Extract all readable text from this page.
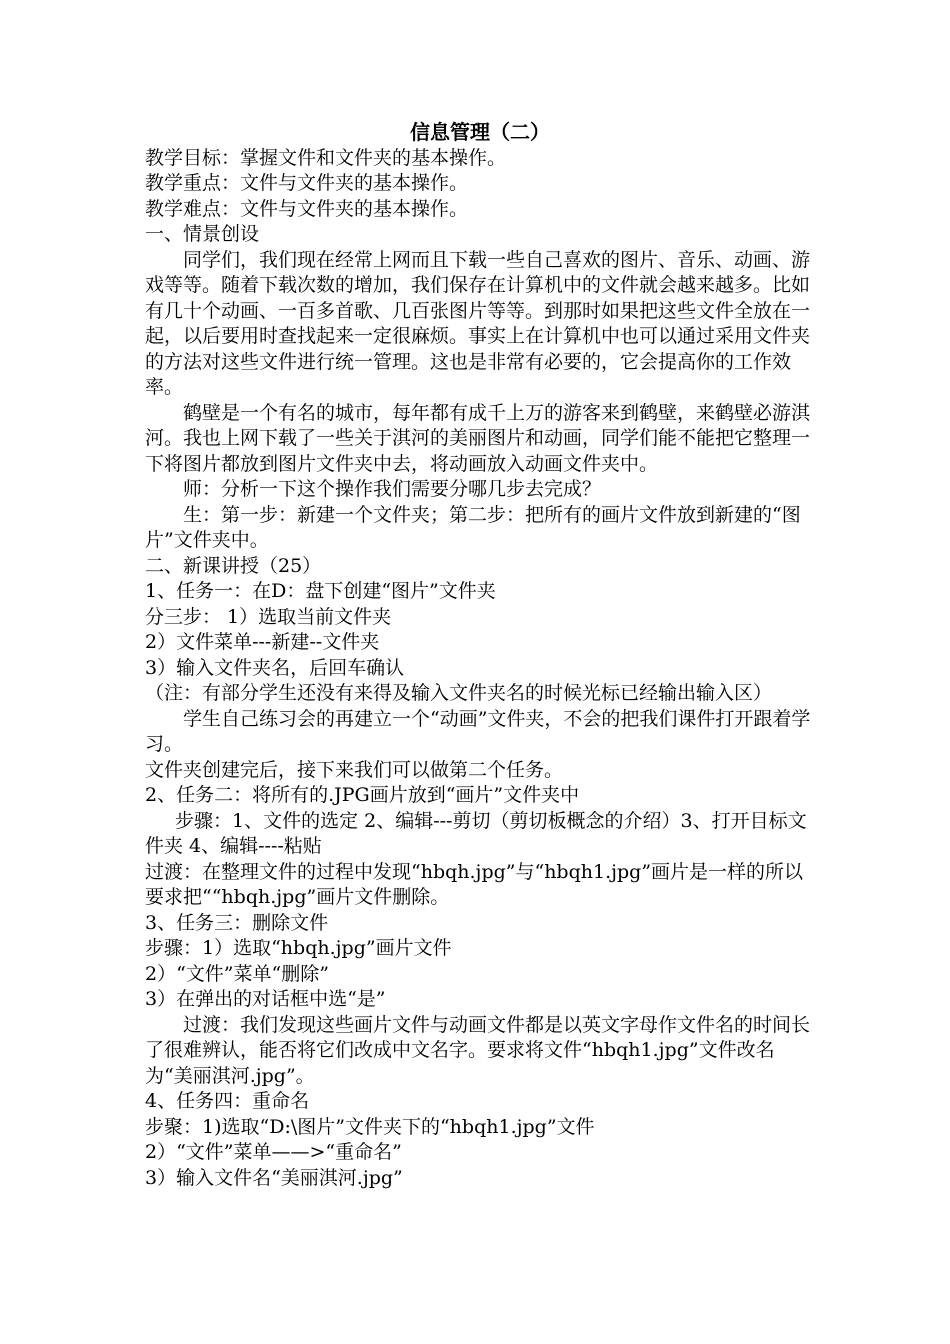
信息管理（二）

教学目标：掌握文件和文件夹的基本操作。

教学重点：文件与文件夹的基本操作。

教学难点：文件与文件夹的基本操作。

一、情景创设

同学们，我们现在经常上网而且下载一些自己喜欢的图片、音乐、动画、游戏等等。随着下载次数的增加，我们保存在计算机中的文件就会越来越多。比如有几十个动画、一百多首歌、几百张图片等等。到那时如果把这些文件全放在一起，以后要用时查找起来一定很麻烦。事实上在计算机中也可以通过采用文件夹的方法对这些文件进行统一管理。这也是非常有必要的，它会提高你的工作效率。

鹤壁是一个有名的城市，每年都有成千上万的游客来到鹤壁，来鹤壁必游淇河。我也上网下载了一些关于淇河的美丽图片和动画，同学们能不能把它整理一下将图片都放到图片文件夹中去，将动画放入动画文件夹中。

师：分析一下这个操作我们需要分哪几步去完成？

生：第一步：新建一个文件夹；第二步：把所有的画片文件放到新建的“图片”文件夹中。

二、新课讲授（25）

1、任务一：在D：盘下创建“图片”文件夹

分三步： 1）选取当前文件夹

2）文件菜单---新建--文件夹

3）输入文件夹名，后回车确认

（注：有部分学生还没有来得及输入文件夹名的时候光标已经输出输入区）

学生自己练习会的再建立一个“动画”文件夹，不会的把我们课件打开跟着学习。

文件夹创建完后，接下来我们可以做第二个任务。

2、任务二：将所有的.JPG画片放到“画片”文件夹中

步骤：1、文件的选定 2、编辑---剪切（剪切板概念的介绍）3、打开目标文件夹 4、编辑----粘贴

过渡：在整理文件的过程中发现“hbqh.jpg”与“hbqh1.jpg”画片是一样的所以要求把““hbqh.jpg”画片文件删除。

3、任务三：删除文件

步骤：1）选取“hbqh.jpg”画片文件

2）“文件”菜单“删除”

3）在弹出的对话框中选“是”

过渡：我们发现这些画片文件与动画文件都是以英文字母作文件名的时间长了很难辨认，能否将它们改成中文名字。要求将文件“hbqh1.jpg”文件改名为“美丽淇河.jpg”。

4、任务四：重命名

步聚：1)选取“D:\图片”文件夹下的“hbqh1.jpg”文件

2）“文件”菜单——>“重命名”

3）输入文件名“美丽淇河.jpg”
